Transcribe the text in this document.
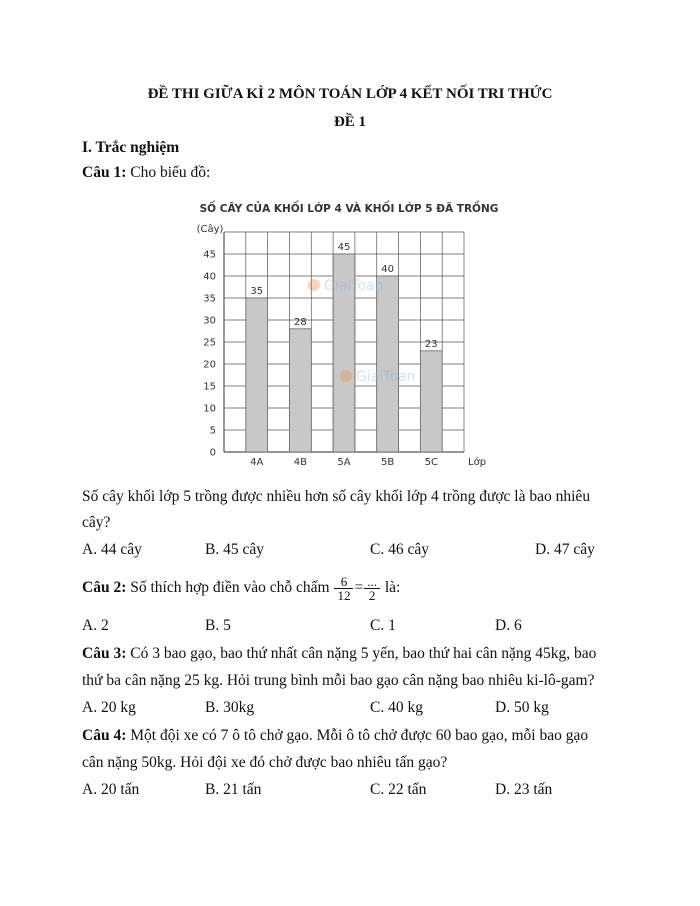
ĐỀ THI GIỮA KÌ 2 MÔN TOÁN LỚP 4 KẾT NỐI TRI THỨC
ĐỀ 1
I. Trắc nghiệm
Câu 1: Cho biểu đồ:
SỐ CÂY CỦA KHỐI LỚP 4 VÀ KHỐI LỚP 5 ĐÃ TRỒNG
(Cây)
Lớp
35
28
45
40
23
0
5
10
15
20
25
30
35
40
45
4A	4B	5A	5B	5C
GiaiToan
GiaiToan
Số cây khối lớp 5 trồng được nhiều hơn số cây khối lớp 4 trồng được là bao nhiêu
cây?
A. 44 cây	B. 45 cây	C. 46 cây	D. 47 cây
Câu 2: Số thích hợp điền vào chỗ chấm $\frac{6}{12} = \frac{...}{2}$ là:
A. 2	B. 5	C. 1	D. 6
Câu 3: Có 3 bao gạo, bao thứ nhất cân nặng 5 yến, bao thứ hai cân nặng 45kg, bao
thứ ba cân nặng 25 kg. Hỏi trung bình mỗi bao gạo cân nặng bao nhiêu ki-lô-gam?
A. 20 kg	B. 30kg	C. 40 kg	D. 50 kg
Câu 4: Một đội xe có 7 ô tô chở gạo. Mỗi ô tô chở được 60 bao gạo, mỗi bao gạo
cân nặng 50kg. Hỏi đội xe đó chở được bao nhiêu tấn gạo?
A. 20 tấn	B. 21 tấn	C. 22 tấn	D. 23 tấn
